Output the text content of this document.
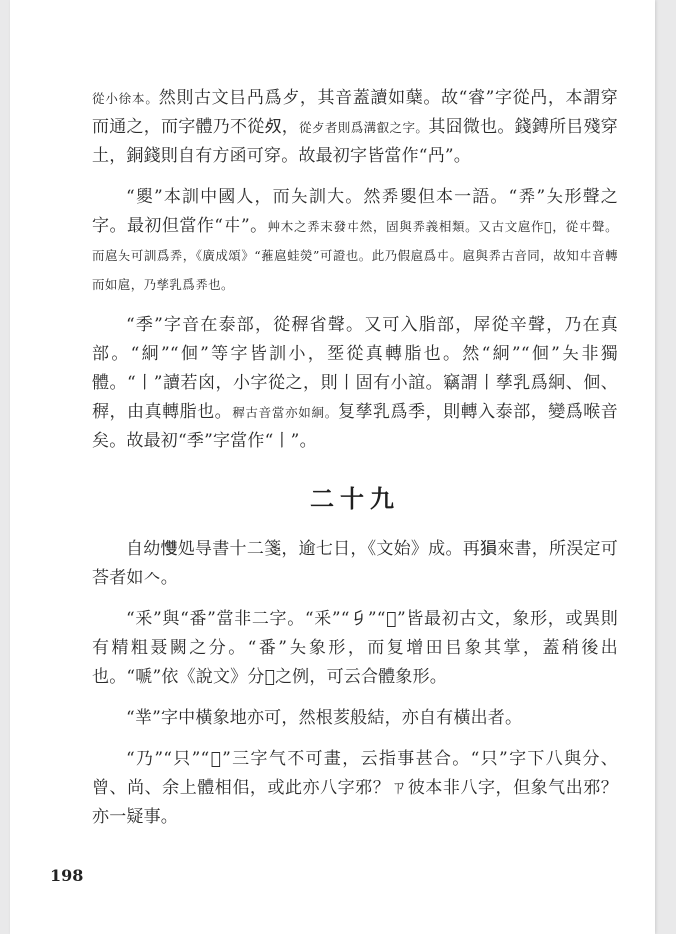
從小徐本。然則古文㠯冎爲歺，其音蓋讀如蘖。故“睿”字從冎，本謂穿而通之，而字體乃不從𣦼，從歺者則爲溝叡之字。其囧微也。錢鎛所㠯殘穿土，銅錢則自有方函可穿。故最初字皆當作“冎”。

“夓”本訓中國人，而夨訓大。然𢍏夓但本一語。“𢍏”夨形聲之字。最初但當作“㐄”。艸木之𢍏末發㐄然，固與𢍏義相類。又古文扈作𡵨，從㐄聲。而扈夨可訓爲𢍏，《廣成頌》“蓷扈蛙熒”可證也。此乃假扈爲㐄。扈與𢍏古音同，故知㐄音轉而如扈，乃孳乳爲𢍏也。

“季”字音在泰部，從稺省聲。又可入脂部，屖從辛聲，乃在真部。“絅”“佪”等字皆訓小，㘸從真轉脂也。然“絅”“佪”夨非獨體。“丨”讀若囟，小字從之，則丨固有小誼。竊謂丨孳乳爲絅、佪、稺，由真轉脂也。稺古音當亦如絅。复孳乳爲季，則轉入泰部，變爲喉音矣。故最初“季”字當作“丨”。

二十九

自幼𢥠処㝵書十二箋，逾七日，《文始》成。再𤠔來書，所洖定可荅者如𠆢。

“釆”與“番”當非二字。“釆”“𠂎”“𤓰”皆最初古文，象形，或異則有精粗聂闕之分。“番”夨象形，而复增田㠯象其掌，蓋稍後出也。“嗁”依《說文》分𠦜之例，可云合體象形。

“丵”字中橫象地亦可，然根荄般結，亦自有橫出者。

“乃”“只”“𠮦”三字气不可畫，云指事甚合。“只”字下八與分、曾、尚、余上體相佀，或此亦八字邪？ㄗ彼本非八字，但象气出邪？亦一疑事。

198
